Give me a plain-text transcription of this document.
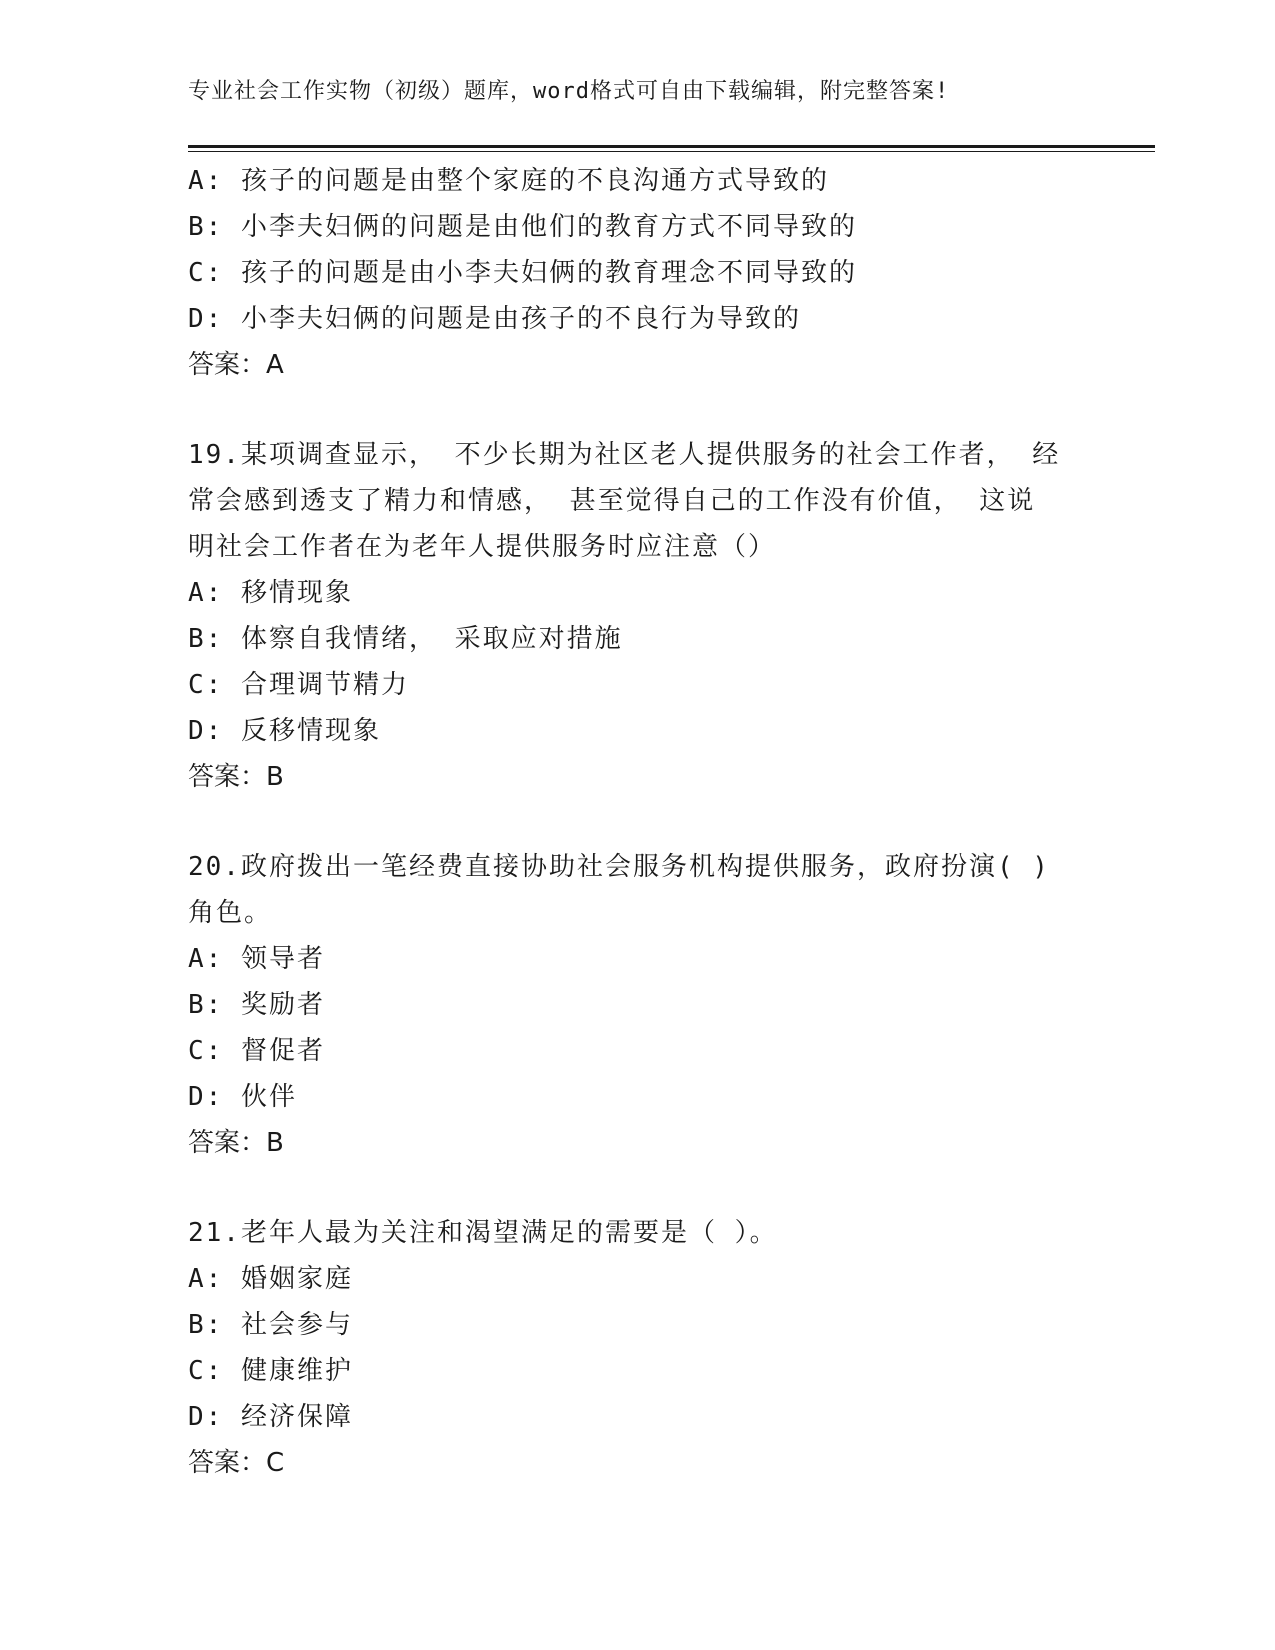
专业社会工作实物（初级）题库，word格式可自由下载编辑，附完整答案!
A: 孩子的问题是由整个家庭的不良沟通方式导致的
B: 小李夫妇俩的问题是由他们的教育方式不同导致的
C: 孩子的问题是由小李夫妇俩的教育理念不同导致的
D: 小李夫妇俩的问题是由孩子的不良行为导致的
答案：A
19.某项调查显示， 不少长期为社区老人提供服务的社会工作者， 经
常会感到透支了精力和情感， 甚至觉得自己的工作没有价值， 这说
明社会工作者在为老年人提供服务时应注意（）
A: 移情现象
B: 体察自我情绪， 采取应对措施
C: 合理调节精力
D: 反移情现象
答案：B
20.政府拨出一笔经费直接协助社会服务机构提供服务，政府扮演( )
角色。
A: 领导者
B: 奖励者
C: 督促者
D: 伙伴
答案：B
21.老年人最为关注和渴望满足的需要是（ ）。
A: 婚姻家庭
B: 社会参与
C: 健康维护
D: 经济保障
答案：C
